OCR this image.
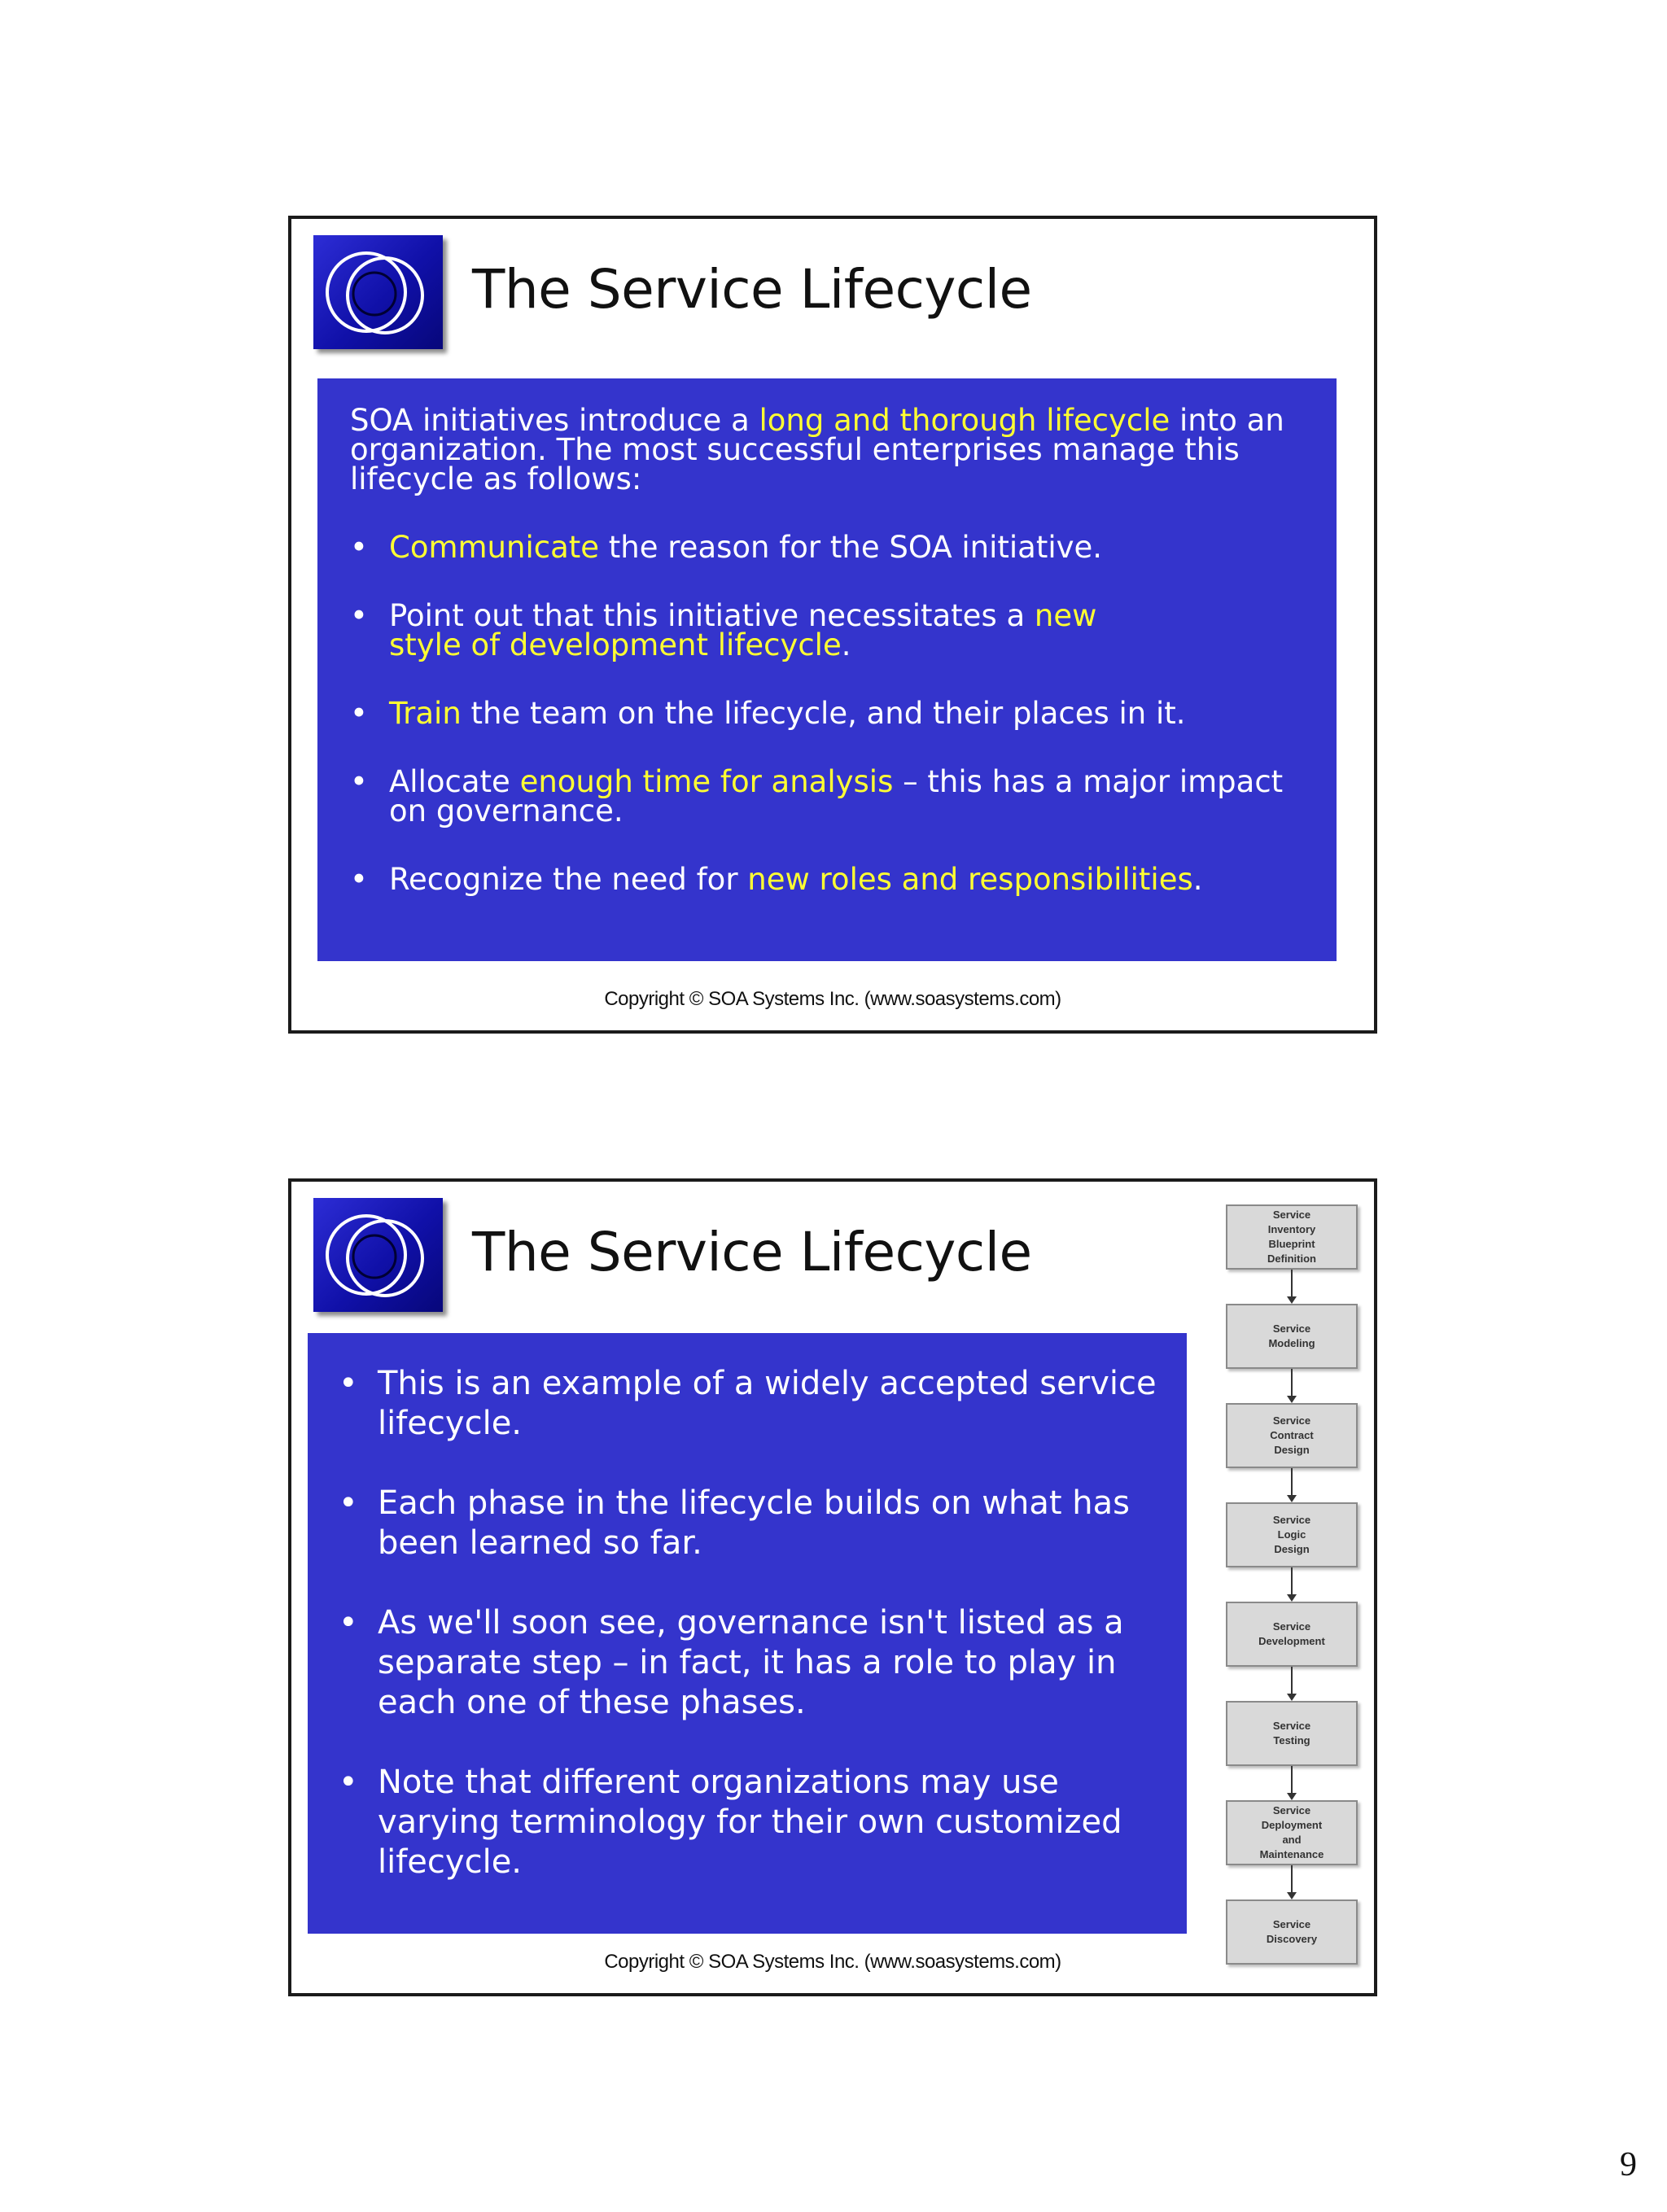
The Service Lifecycle
SOA initiatives introduce a long and thorough lifecycle into an organization. The most successful enterprises manage this lifecycle as follows:
• Communicate the reason for the SOA initiative.
• Point out that this initiative necessitates a new style of development lifecycle.
• Train the team on the lifecycle, and their places in it.
• Allocate enough time for analysis – this has a major impact on governance.
• Recognize the need for new roles and responsibilities.
Copyright © SOA Systems Inc. (www.soasystems.com)
The Service Lifecycle
• This is an example of a widely accepted service lifecycle.
• Each phase in the lifecycle builds on what has been learned so far.
• As we'll soon see, governance isn't listed as a separate step – in fact, it has a role to play in each one of these phases.
• Note that different organizations may use varying terminology for their own customized lifecycle.
Service
Inventory
Blueprint
Definition
Service
Modeling
Service
Contract
Design
Service
Logic
Design
Service
Development
Service
Testing
Service
Deployment
and
Maintenance
Service
Discovery
Copyright © SOA Systems Inc. (www.soasystems.com)
9
